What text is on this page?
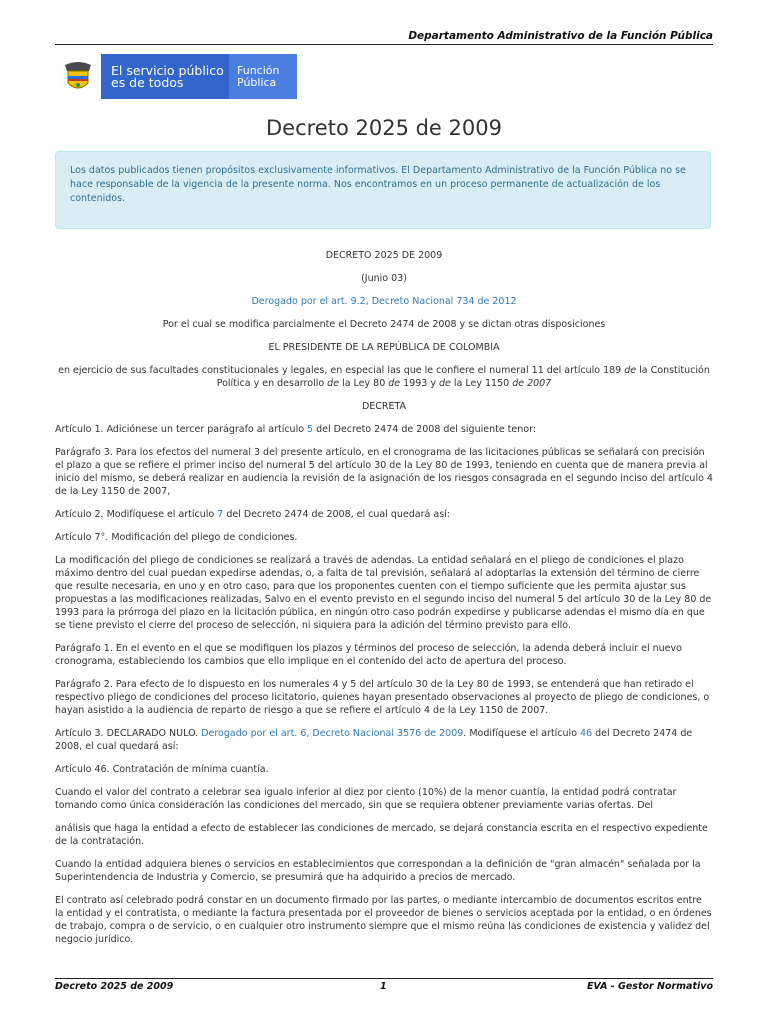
Departamento Administrativo de la Función Pública
El servicio público
es de todos
Función
Pública
Decreto 2025 de 2009
Los datos publicados tienen propósitos exclusivamente informativos. El Departamento Administrativo de la Función Pública no se hace responsable de la vigencia de la presente norma. Nos encontramos en un proceso permanente de actualización de los contenidos.

DECRETO 2025 DE 2009

(Junio 03)

Derogado por el art. 9.2, Decreto Nacional 734 de 2012

Por el cual se modifica parcialmente el Decreto 2474 de 2008 y se dictan otras disposiciones

EL PRESIDENTE DE LA REPÚBLICA DE COLOMBIA

en ejercicio de sus facultades constitucionales y legales, en especial las que le confiere el numeral 11 del artículo 189 de la Constitución Política y en desarrollo de la Ley 80 de 1993 y de la Ley 1150 de 2007

DECRETA

Artículo 1. Adiciónese un tercer parágrafo al artículo 5 del Decreto 2474 de 2008 del siguiente tenor:

Parágrafo 3. Para los efectos del numeral 3 del presente artículo, en el cronograma de las licitaciones públicas se señalará con precisión el plazo a que se refiere el primer inciso del numeral 5 del artículo 30 de la Ley 80 de 1993, teniendo en cuenta que de manera previa al inicio del mismo, se deberá realizar en audiencia la revisión de la asignación de los riesgos consagrada en el segundo inciso del artículo 4 de la Ley 1150 de 2007,

Artículo 2. Modifíquese el artículo 7 del Decreto 2474 de 2008, el cual quedará así:

Artículo 7°. Modificación del pliego de condiciones.

La modificación del pliego de condiciones se realizará a través de adendas. La entidad señalará en el pliego de condiciones el plazo máximo dentro del cual puedan expedirse adendas, o, a falta de tal previsión, señalará al adoptarlas la extensión del término de cierre que resulte necesaria, en uno y en otro caso, para que los proponentes cuenten con el tiempo suficiente que les permita ajustar sus propuestas a las modificaciones realizadas, Salvo en el evento previsto en el segundo inciso del numeral 5 del artículo 30 de la Ley 80 de 1993 para la prórroga del plazo en la licitación pública, en ningún otro caso podrán expedirse y publicarse adendas el mismo día en que se tiene previsto el cierre del proceso de selección, ni siquiera para la adición del término previsto para ello.

Parágrafo 1. En el evento en el que se modifiquen los plazos y términos del proceso de selección, la adenda deberá incluir el nuevo cronograma, estableciendo los cambios que ello implique en el contenido del acto de apertura del proceso.

Parágrafo 2. Para efecto de lo dispuesto en los numerales 4 y 5 del artículo 30 de la Ley 80 de 1993, se entenderá que han retirado el respectivo pliego de condiciones del proceso licitatorio, quienes hayan presentado observaciones al proyecto de pliego de condiciones, o hayan asistido a la audiencia de reparto de riesgo a que se refiere el artículo 4 de la Ley 1150 de 2007.

Artículo 3. DECLARADO NULO. Derogado por el art. 6, Decreto Nacional 3576 de 2009. Modifíquese el artículo 46 del Decreto 2474 de 2008, el cual quedará así:

Artículo 46. Contratación de mínima cuantía.

Cuando el valor del contrato a celebrar sea igualo inferior al diez por ciento (10%) de la menor cuantía, la entidad podrá contratar tomando como única consideración las condiciones del mercado, sin que se requiera obtener previamente varias ofertas. Del

análisis que haga la entidad a efecto de establecer las condiciones de mercado, se dejará constancia escrita en el respectivo expediente de la contratación.

Cuando la entidad adquiera bienes o servicios en establecimientos que correspondan a la definición de "gran almacén" señalada por la Superintendencia de Industria y Comercio, se presumirá que ha adquirido a precios de mercado.

El contrato así celebrado podrá constar en un documento firmado por las partes, o mediante intercambio de documentos escritos entre la entidad y el contratista, o mediante la factura presentada por el proveedor de bienes o servicios aceptada por la entidad, o en órdenes de trabajo, compra o de servicio, o en cualquier otro instrumento siempre que el mismo reúna las condiciones de existencia y validez del negocio jurídico.

Decreto 2025 de 2009	1	EVA - Gestor Normativo
